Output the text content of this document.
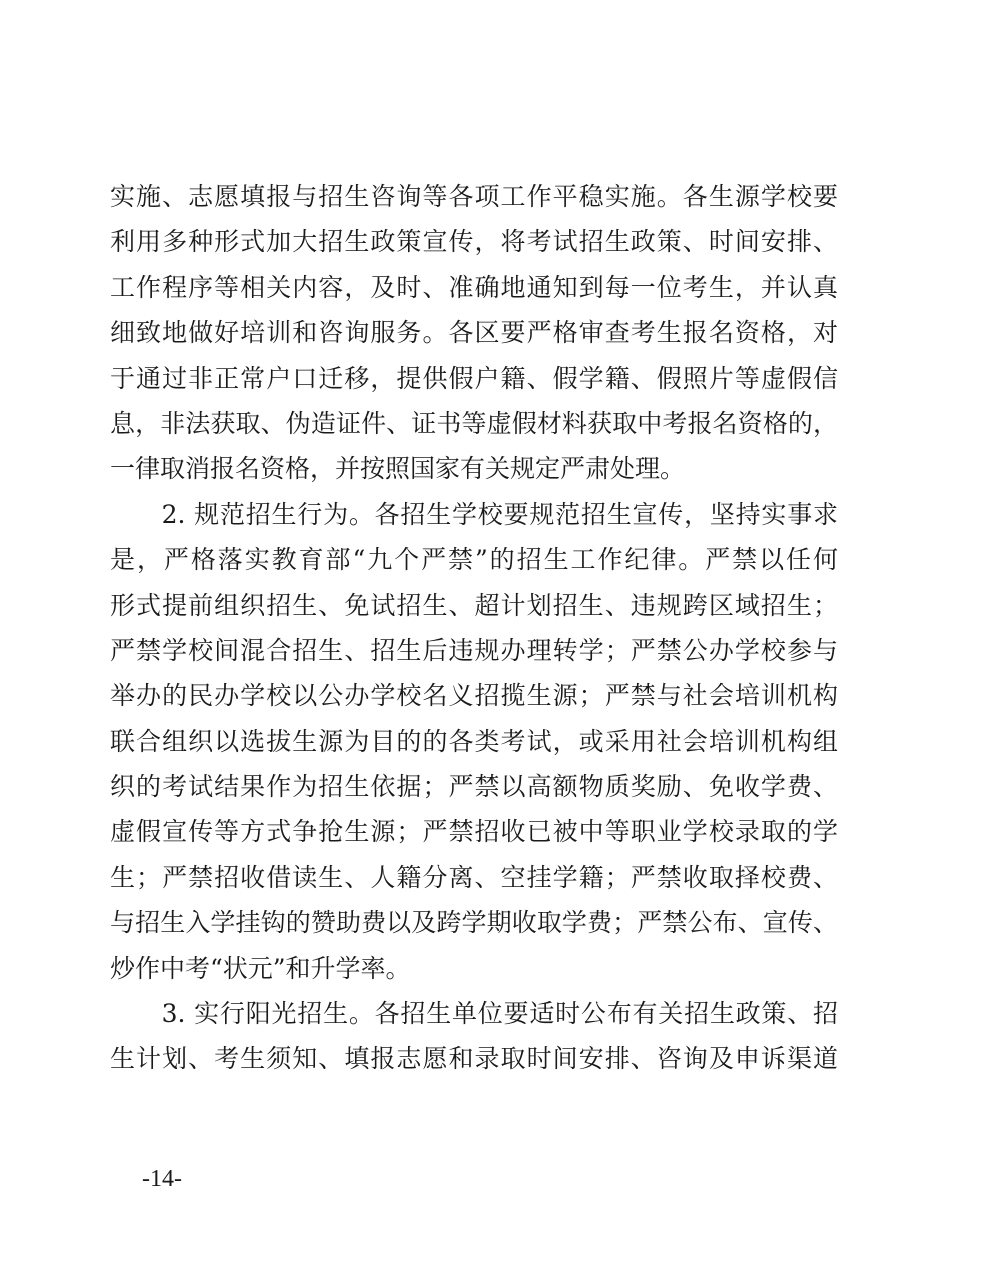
实施、志愿填报与招生咨询等各项工作平稳实施。各生源学校要
利用多种形式加大招生政策宣传，将考试招生政策、时间安排、
工作程序等相关内容，及时、准确地通知到每一位考生，并认真
细致地做好培训和咨询服务。各区要严格审查考生报名资格，对
于通过非正常户口迁移，提供假户籍、假学籍、假照片等虚假信
息，非法获取、伪造证件、证书等虚假材料获取中考报名资格的，
一律取消报名资格，并按照国家有关规定严肃处理。
　　2. 规范招生行为。各招生学校要规范招生宣传，坚持实事求
是，严格落实教育部“九个严禁”的招生工作纪律。严禁以任何
形式提前组织招生、免试招生、超计划招生、违规跨区域招生；
严禁学校间混合招生、招生后违规办理转学；严禁公办学校参与
举办的民办学校以公办学校名义招揽生源；严禁与社会培训机构
联合组织以选拔生源为目的的各类考试，或采用社会培训机构组
织的考试结果作为招生依据；严禁以高额物质奖励、免收学费、
虚假宣传等方式争抢生源；严禁招收已被中等职业学校录取的学
生；严禁招收借读生、人籍分离、空挂学籍；严禁收取择校费、
与招生入学挂钩的赞助费以及跨学期收取学费；严禁公布、宣传、
炒作中考“状元”和升学率。
　　3. 实行阳光招生。各招生单位要适时公布有关招生政策、招
生计划、考生须知、填报志愿和录取时间安排、咨询及申诉渠道
-14-
